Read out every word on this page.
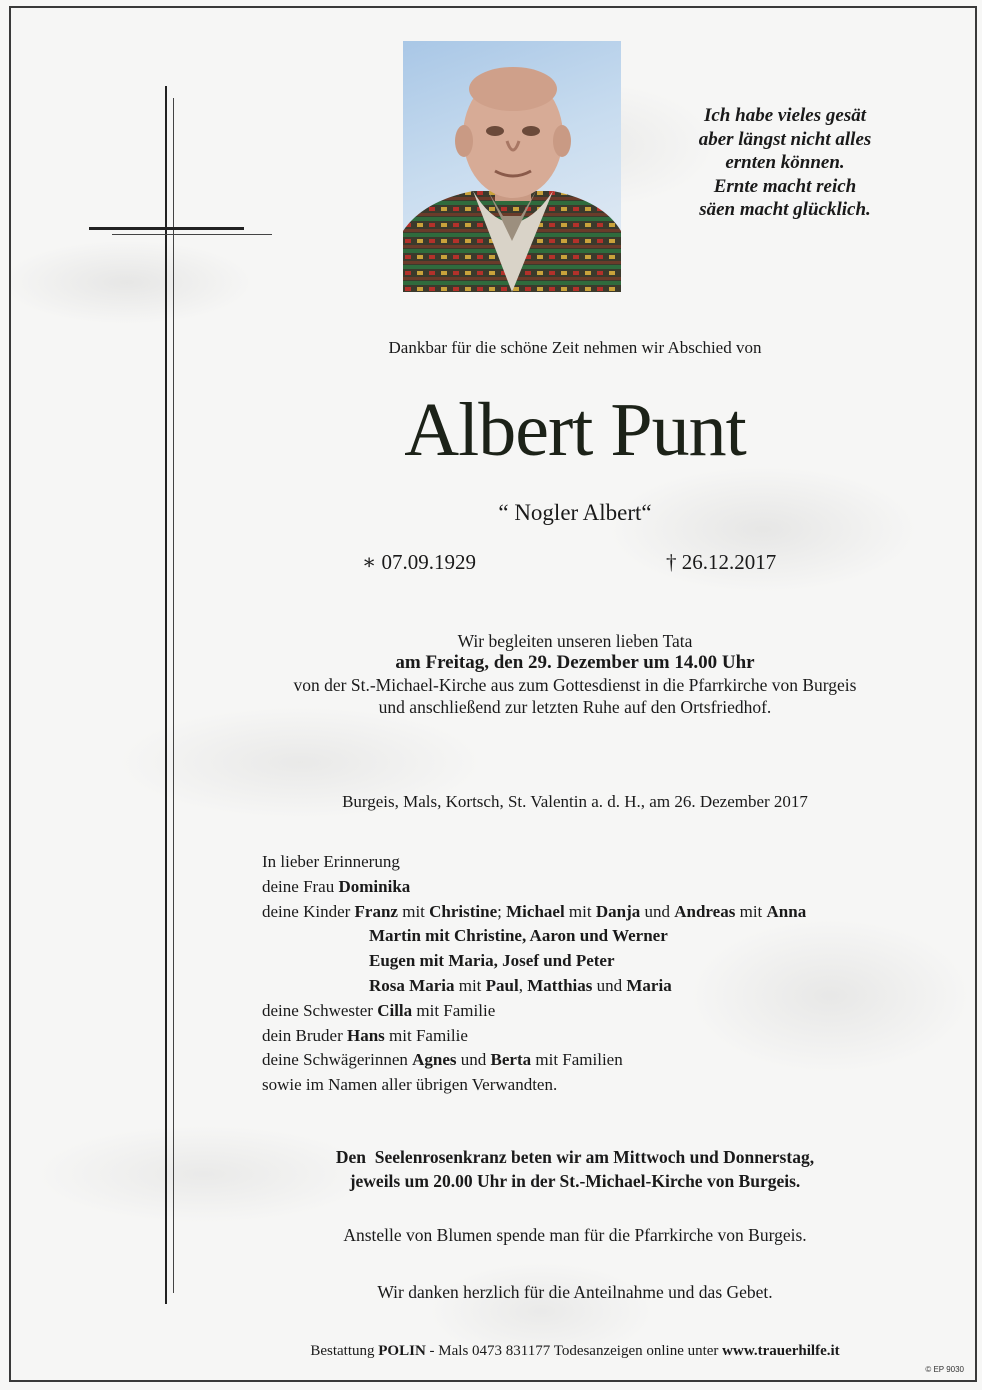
Ich habe vieles gesät
aber längst nicht alles
ernten können.
Ernte macht reich
säen macht glücklich.
Dankbar für die schöne Zeit nehmen wir Abschied von
Albert Punt
“ Nogler Albert“
∗ 07.09.1929	† 26.12.2017
Wir begleiten unseren lieben Tata
am Freitag, den 29. Dezember um 14.00 Uhr
von der St.-Michael-Kirche aus zum Gottesdienst in die Pfarrkirche von Burgeis
und anschließend zur letzten Ruhe auf den Ortsfriedhof.
Burgeis, Mals, Kortsch, St. Valentin a. d. H., am 26. Dezember 2017
In lieber Erinnerung
deine Frau Dominika
deine Kinder Franz mit Christine; Michael mit Danja und Andreas mit Anna
Martin mit Christine, Aaron und Werner
Eugen mit Maria, Josef und Peter
Rosa Maria mit Paul, Matthias und Maria
deine Schwester Cilla mit Familie
dein Bruder Hans mit Familie
deine Schwägerinnen Agnes und Berta mit Familien
sowie im Namen aller übrigen Verwandten.
Den  Seelenrosenkranz beten wir am Mittwoch und Donnerstag,
jeweils um 20.00 Uhr in der St.-Michael-Kirche von Burgeis.
Anstelle von Blumen spende man für die Pfarrkirche von Burgeis.
Wir danken herzlich für die Anteilnahme und das Gebet.
Bestattung POLIN - Mals 0473 831177 Todesanzeigen online unter www.trauerhilfe.it
© EP 9030
